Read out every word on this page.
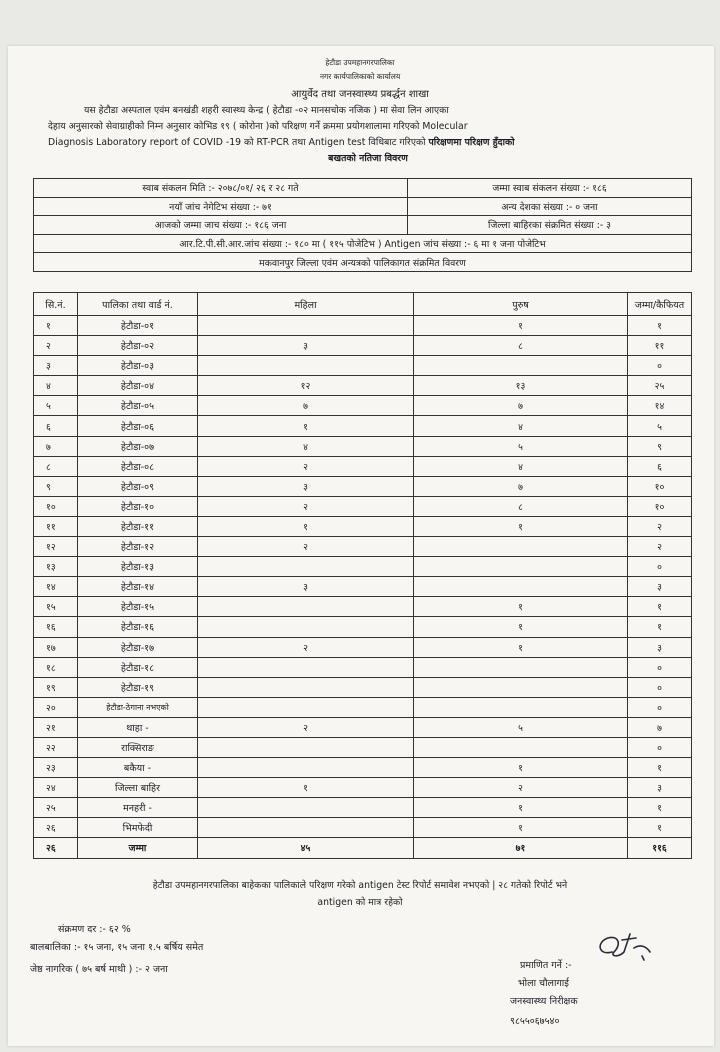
हेटौडा उपमहानगरपालिका
नगर कार्यपालिकाको कार्यालय
आयुर्वेद तथा जनस्वास्थ्य प्रबर्द्धन शाखा
यस हेटौडा अस्पताल एवंम बनखंडी शहरी स्वास्थ्य केन्द्र ( हेटौडा -०२ मानसचोक नजिक ) मा सेवा लिन आएका
देहाय अनुसारको सेवाग्राहीको निम्न अनुसार कोभिड १९ ( कोरोना )को परिक्षण गर्ने क्रममा प्रयोगशालामा गरिएको Molecular
Diagnosis Laboratory report of COVID -19 को RT-PCR तथा Antigen test विधिबाट गरिएको परिक्षणमा परिक्षण हुँदाको
बखतको नतिजा विवरण
स्वाब संकलन मिति :- २०७८/०१/ २६ र २८ गते	जम्मा स्वाब संकलन संख्या :- १८६
नयाँ जांच नेगेटिभ संख्या :- ७१	अन्य देशका संख्या :- ० जना
आजको जम्मा जाच संख्या :- १८६ जना	जिल्ला बाहिरका संक्रमित संख्या :- ३
आर.टि.पी.सी.आर.जांच संख्या :- १८० मा ( ११५ पोजेटिभ ) Antigen जांच संख्या :- ६ मा १ जना पोजेटिभ	
मकवानपुर जिल्ला एवंम अन्यत्रको पालिकागत संक्रमित विवरण	
सि.नं.	पालिका तथा वार्ड नं.	महिला	पुरुष	जम्मा/कैफियत
१	हेटौडा-०१		१	१
२	हेटौडा-०२	३	८	११
३	हेटौडा-०३			०
४	हेटौडा-०४	१२	१३	२५
५	हेटौडा-०५	७	७	१४
६	हेटौडा-०६	१	४	५
७	हेटौडा-०७	४	५	९
८	हेटौडा-०८	२	४	६
९	हेटौडा-०९	३	७	१०
१०	हेटौडा-१०	२	८	१०
११	हेटौडा-११	१	१	२
१२	हेटौडा-१२	२		२
१३	हेटौडा-१३			०
१४	हेटौडा-१४	३		३
१५	हेटौडा-१५		१	१
१६	हेटौडा-१६		१	१
१७	हेटौडा-१७	२	१	३
१८	हेटौडा-१८			०
१९	हेटौडा-१९			०
२०	हेटौडा-ठेगाना नभएको			०
२१	थाहा -	२	५	७
२२	राक्सिराङ			०
२३	बकैया -		१	१
२४	जिल्ला बाहिर	१	२	३
२५	मनहरी -		१	१
२६	भिमफेदी		१	१
२६	जम्मा	४५	७१	११६
हेटौडा उपमहानगरपालिका बाहेकका पालिकाले परिक्षण गरेको antigen टेस्ट रिपोर्ट समावेश नभएको | २८ गतेको रिपोर्ट भने
antigen को मात्र रहेको
संक्रमण दर :- ६२ %
बालबालिका :- १५ जना, १५ जना १.५ बर्षिय समेत
जेष्ठ नागरिक ( ७५ बर्ष माथी ) :- २ जना	प्रमाणित गर्ने :-
भोला चौलागाई
जनस्वास्थ्य निरीक्षक
९८५५०६७५४०
